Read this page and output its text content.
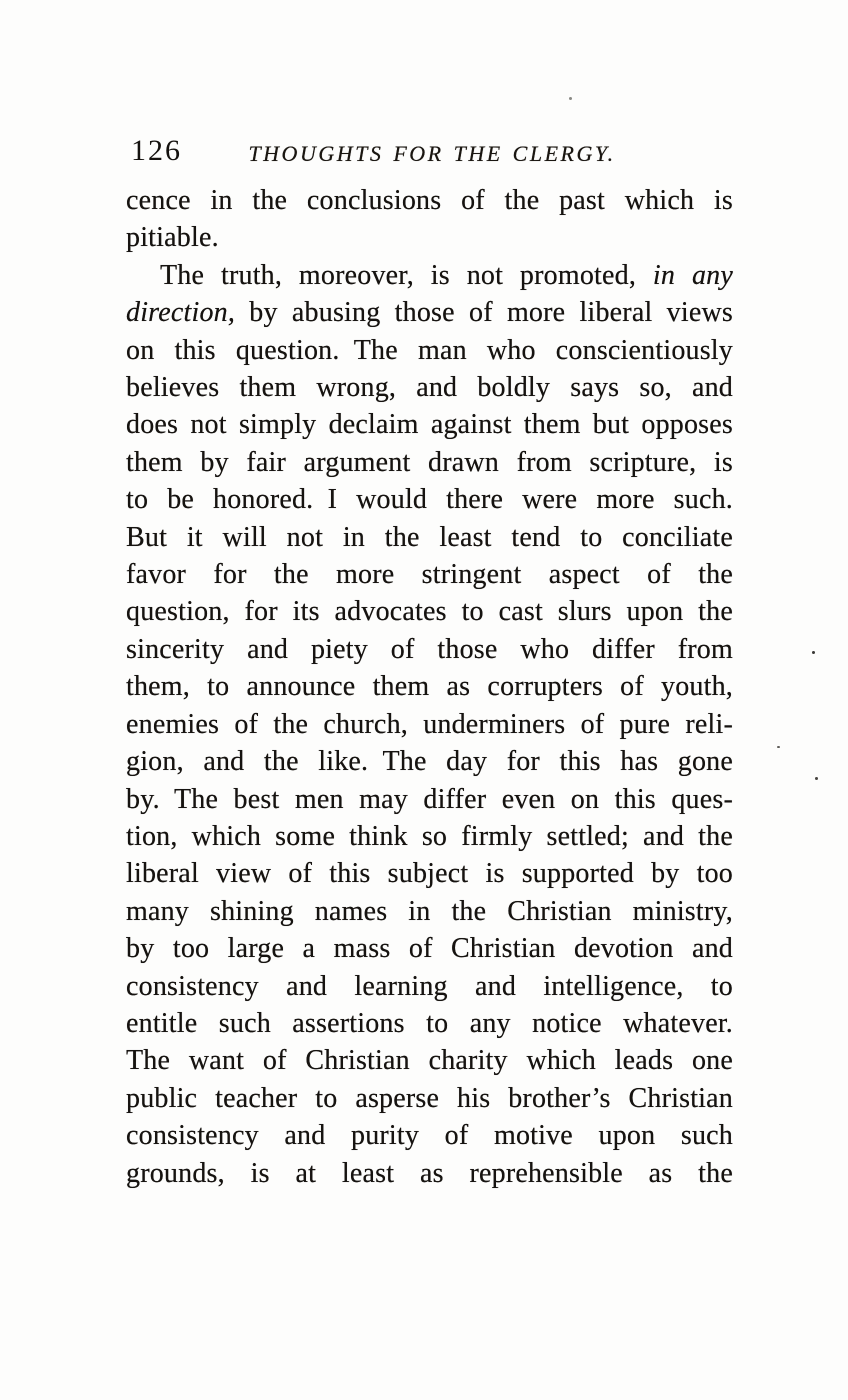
126	THOUGHTS FOR THE CLERGY.
cence in the conclusions of the past which is
pitiable.
The truth, moreover, is not promoted, in any
direction, by abusing those of more liberal views
on this question. The man who conscientiously
believes them wrong, and boldly says so, and
does not simply declaim against them but opposes
them by fair argument drawn from scripture, is
to be honored. I would there were more such.
But it will not in the least tend to conciliate
favor for the more stringent aspect of the
question, for its advocates to cast slurs upon the
sincerity and piety of those who differ from
them, to announce them as corrupters of youth,
enemies of the church, underminers of pure reli-
gion, and the like. The day for this has gone
by. The best men may differ even on this ques-
tion, which some think so firmly settled; and the
liberal view of this subject is supported by too
many shining names in the Christian ministry,
by too large a mass of Christian devotion and
consistency and learning and intelligence, to
entitle such assertions to any notice whatever.
The want of Christian charity which leads one
public teacher to asperse his brother’s Christian
consistency and purity of motive upon such
grounds, is at least as reprehensible as the
